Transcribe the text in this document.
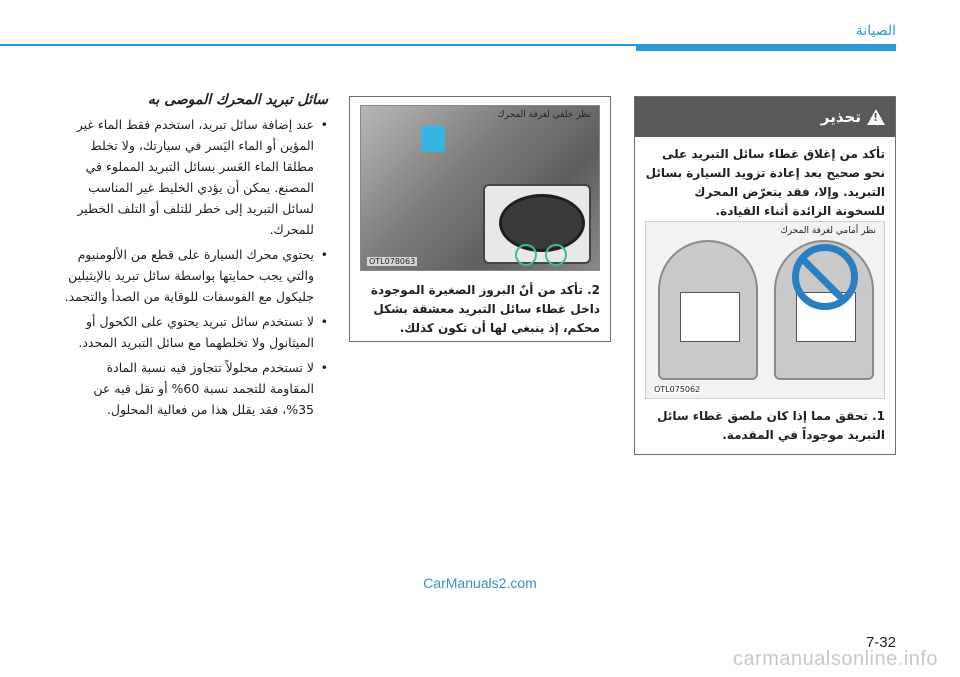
الصيانة
سائل تبريد المحرك الموصى به
• عند إضافة سائل تبريد، استخدم فقط الماء غير المؤين أو الماء اليَسر في سيارتك، ولا تخلط مطلقا الماء العَسر بسائل التبريد المملوء في المصنع. يمكن أن يؤدي الخليط غير المناسب لسائل التبريد إلى خطر للتلف أو التلف الخطير للمحرك.
• يحتوي محرك السيارة على قطع من الألومنيوم والتي يجب حمايتها بواسطة سائل تبريد بالإيثيلين جليكول مع الفوسفات للوقاية من الصدأ والتجمد.
• لا تستخدم سائل تبريد يحتوي على الكحول أو الميثانول ولا تخلطهما مع سائل التبريد المحدد.
• لا تستخدم محلولاً تتجاوز فيه نسبة المادة المقاومة للتجمد نسبة 60% أو تقل فيه عن 35%، فقد يقلل هذا من فعالية المحلول.
نظر خلفي لغرفة المحرك
OTL078063
2. تأكد من أنّ البروز الصغيرة الموجودة داخل غطاء سائل التبريد معشقة بشكل محكم، إذ ينبغي لها أن تكون كذلك.
تحذير
!
تأكد من إغلاق غطاء سائل التبريد على نحو صحيح بعد إعادة تزويد السيارة بسائل التبريد. وإلا، فقد يتعرّض المحرك للسخونة الزائدة أثناء القيادة.
نظر أمامي لغرفة المحرك
OTL075062
1. تحقق مما إذا كان ملصق غطاء سائل التبريد موجوداً في المقدمة.
CarManuals2.com
7-32
carmanualsonline.info
